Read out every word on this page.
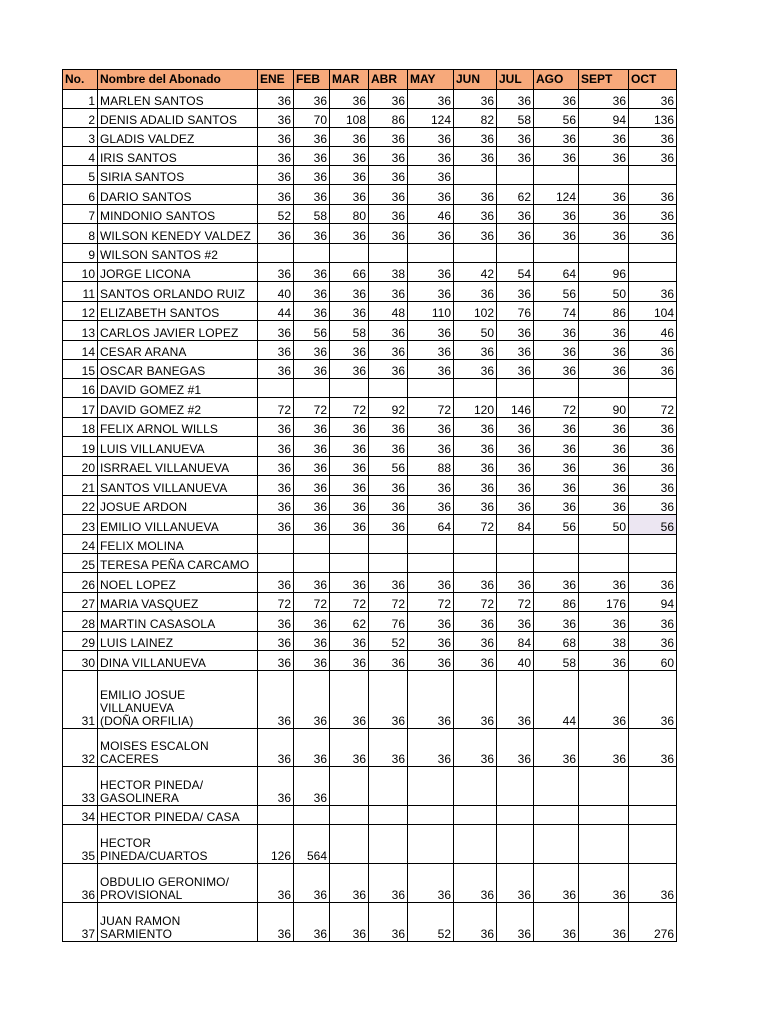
No.	Nombre del Abonado	ENE	FEB	MAR	ABR	MAY	JUN	JUL	AGO	SEPT	OCT
1	MARLEN SANTOS	36	36	36	36	36	36	36	36	36	36
2	DENIS ADALID SANTOS	36	70	108	86	124	82	58	56	94	136
3	GLADIS VALDEZ	36	36	36	36	36	36	36	36	36	36
4	IRIS SANTOS	36	36	36	36	36	36	36	36	36	36
5	SIRIA SANTOS	36	36	36	36	36					
6	DARIO SANTOS	36	36	36	36	36	36	62	124	36	36
7	MINDONIO SANTOS	52	58	80	36	46	36	36	36	36	36
8	WILSON KENEDY VALDEZ	36	36	36	36	36	36	36	36	36	36
9	WILSON SANTOS #2										
10	JORGE LICONA	36	36	66	38	36	42	54	64	96	
11	SANTOS ORLANDO RUIZ	40	36	36	36	36	36	36	56	50	36
12	ELIZABETH SANTOS	44	36	36	48	110	102	76	74	86	104
13	CARLOS JAVIER LOPEZ	36	56	58	36	36	50	36	36	36	46
14	CESAR ARANA	36	36	36	36	36	36	36	36	36	36
15	OSCAR BANEGAS	36	36	36	36	36	36	36	36	36	36
16	DAVID GOMEZ #1										
17	DAVID GOMEZ #2	72	72	72	92	72	120	146	72	90	72
18	FELIX ARNOL WILLS	36	36	36	36	36	36	36	36	36	36
19	LUIS VILLANUEVA	36	36	36	36	36	36	36	36	36	36
20	ISRRAEL VILLANUEVA	36	36	36	56	88	36	36	36	36	36
21	SANTOS VILLANUEVA	36	36	36	36	36	36	36	36	36	36
22	JOSUE ARDON	36	36	36	36	36	36	36	36	36	36
23	EMILIO VILLANUEVA	36	36	36	36	64	72	84	56	50	56
24	FELIX MOLINA										
25	TERESA PEÑA CARCAMO										
26	NOEL LOPEZ	36	36	36	36	36	36	36	36	36	36
27	MARIA VASQUEZ	72	72	72	72	72	72	72	86	176	94
28	MARTIN CASASOLA	36	36	62	76	36	36	36	36	36	36
29	LUIS LAINEZ	36	36	36	52	36	36	84	68	38	36
30	DINA VILLANUEVA	36	36	36	36	36	36	40	58	36	60
31	EMILIO JOSUE VILLANUEVA
(DOÑA ORFILIA)	36	36	36	36	36	36	36	44	36	36
32	MOISES ESCALON CACERES	36	36	36	36	36	36	36	36	36	36
33	HECTOR PINEDA/
GASOLINERA	36	36								
34	HECTOR PINEDA/ CASA										
35	HECTOR PINEDA/CUARTOS	126	564								
36	OBDULIO GERONIMO/
PROVISIONAL	36	36	36	36	36	36	36	36	36	36
37	JUAN RAMON SARMIENTO	36	36	36	36	52	36	36	36	36	276
